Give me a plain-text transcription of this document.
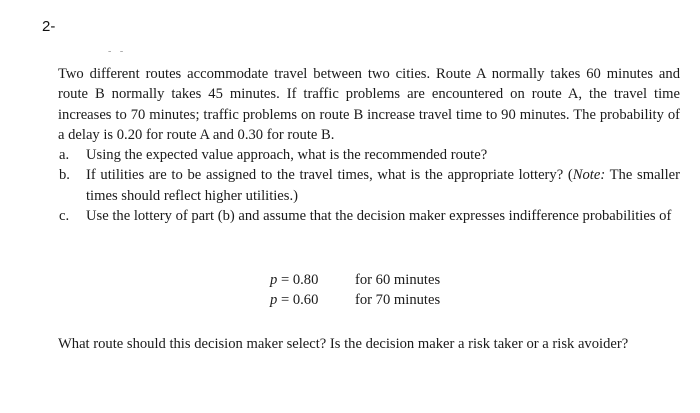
2-
- -

Two different routes accommodate travel between two cities. Route A normally takes 60 minutes and route B normally takes 45 minutes. If traffic problems are encountered on route A, the travel time increases to 70 minutes; traffic problems on route B increase travel time to 90 minutes. The probability of a delay is 0.20 for route A and 0.30 for route B.

a.	Using the expected value approach, what is the recommended route?
b.	If utilities are to be assigned to the travel times, what is the appropriate lottery? (Note: The smaller times should reflect higher utilities.)
c.	Use the lottery of part (b) and assume that the decision maker expresses indifference probabilities of
p = 0.80	for 60 minutes
p = 0.60	for 70 minutes

What route should this decision maker select? Is the decision maker a risk taker or a risk avoider?
